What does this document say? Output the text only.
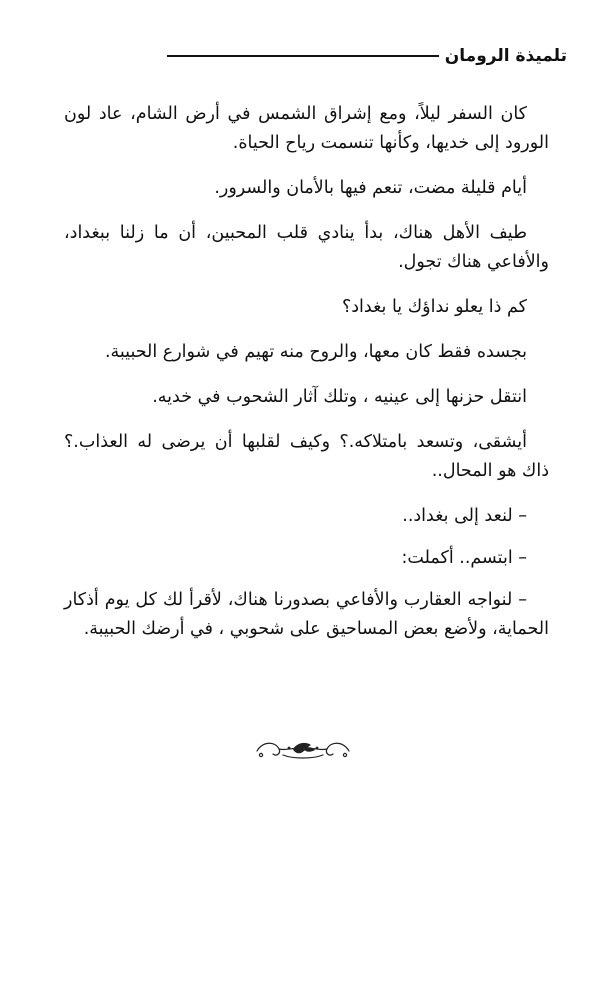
تلميذة الرومان

كان السفر ليلاً، ومع إشراق الشمس في أرض الشام، عاد لون الورود إلى خديها، وكأنها تنسمت رياح الحياة.

أيام قليلة مضت، تنعم فيها بالأمان والسرور.

طيف الأهل هناك، بدأ ينادي قلب المحبين، أن ما زلنا ببغداد، والأفاعي هناك تجول.

كم ذا يعلو نداؤك يا بغداد؟

بجسده فقط كان معها، والروح منه تهيم في شوارع الحبيبة.

انتقل حزنها إلى عينيه ، وتلك آثار الشحوب في خديه.

أيشقى، وتسعد بامتلاكه.؟ وكيف لقلبها أن يرضى له العذاب.؟ ذاك هو المحال..

– لنعد إلى بغداد..

– ابتسم.. أكملت:

– لنواجه العقارب والأفاعي بصدورنا هناك، لأقرأ لك كل يوم أذكار الحماية، ولأضع بعض المساحيق على شحوبي ، في أرضك الحبيبة.
